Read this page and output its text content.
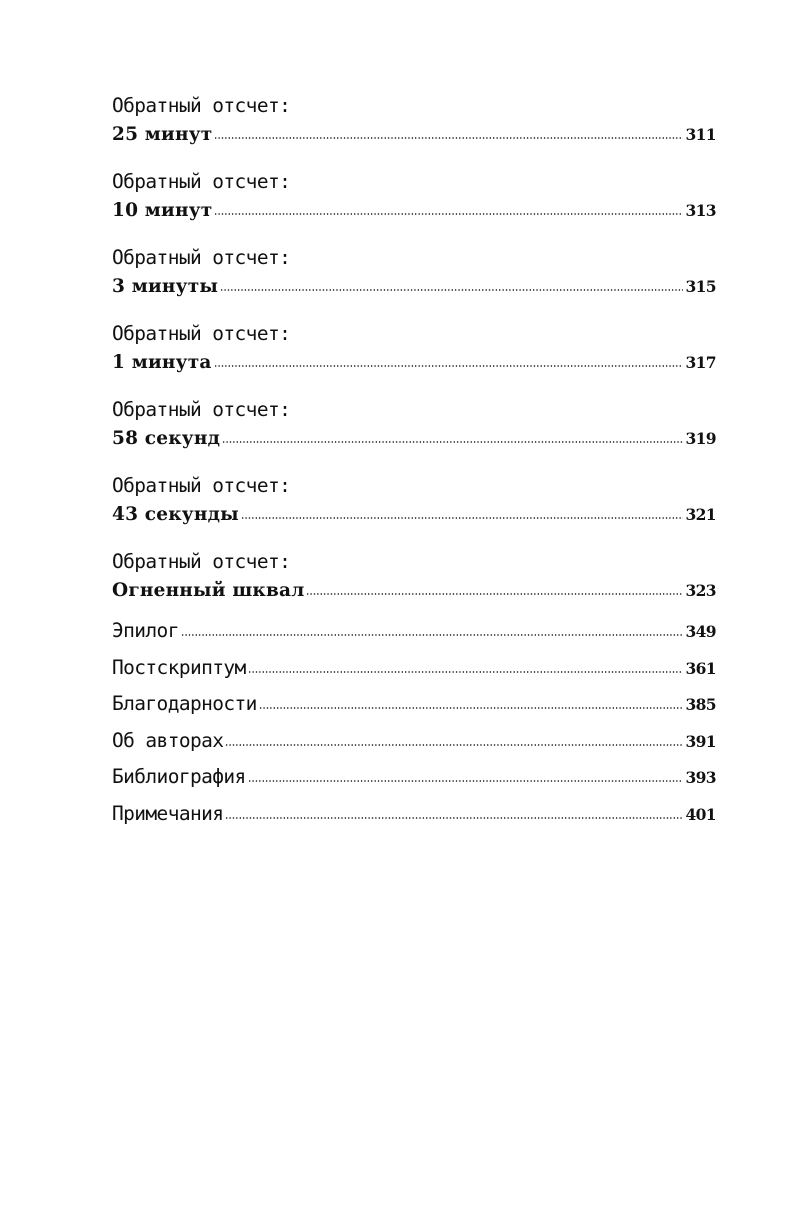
Обратный отсчет:
25 минут	311
Обратный отсчет:
10 минут	313
Обратный отсчет:
3 минуты	315
Обратный отсчет:
1 минута	317
Обратный отсчет:
58 секунд	319
Обратный отсчет:
43 секунды	321
Обратный отсчет:
Огненный шквал	323
Эпилог	349
Постскриптум	361
Благодарности	385
Об авторах	391
Библиография	393
Примечания	401
